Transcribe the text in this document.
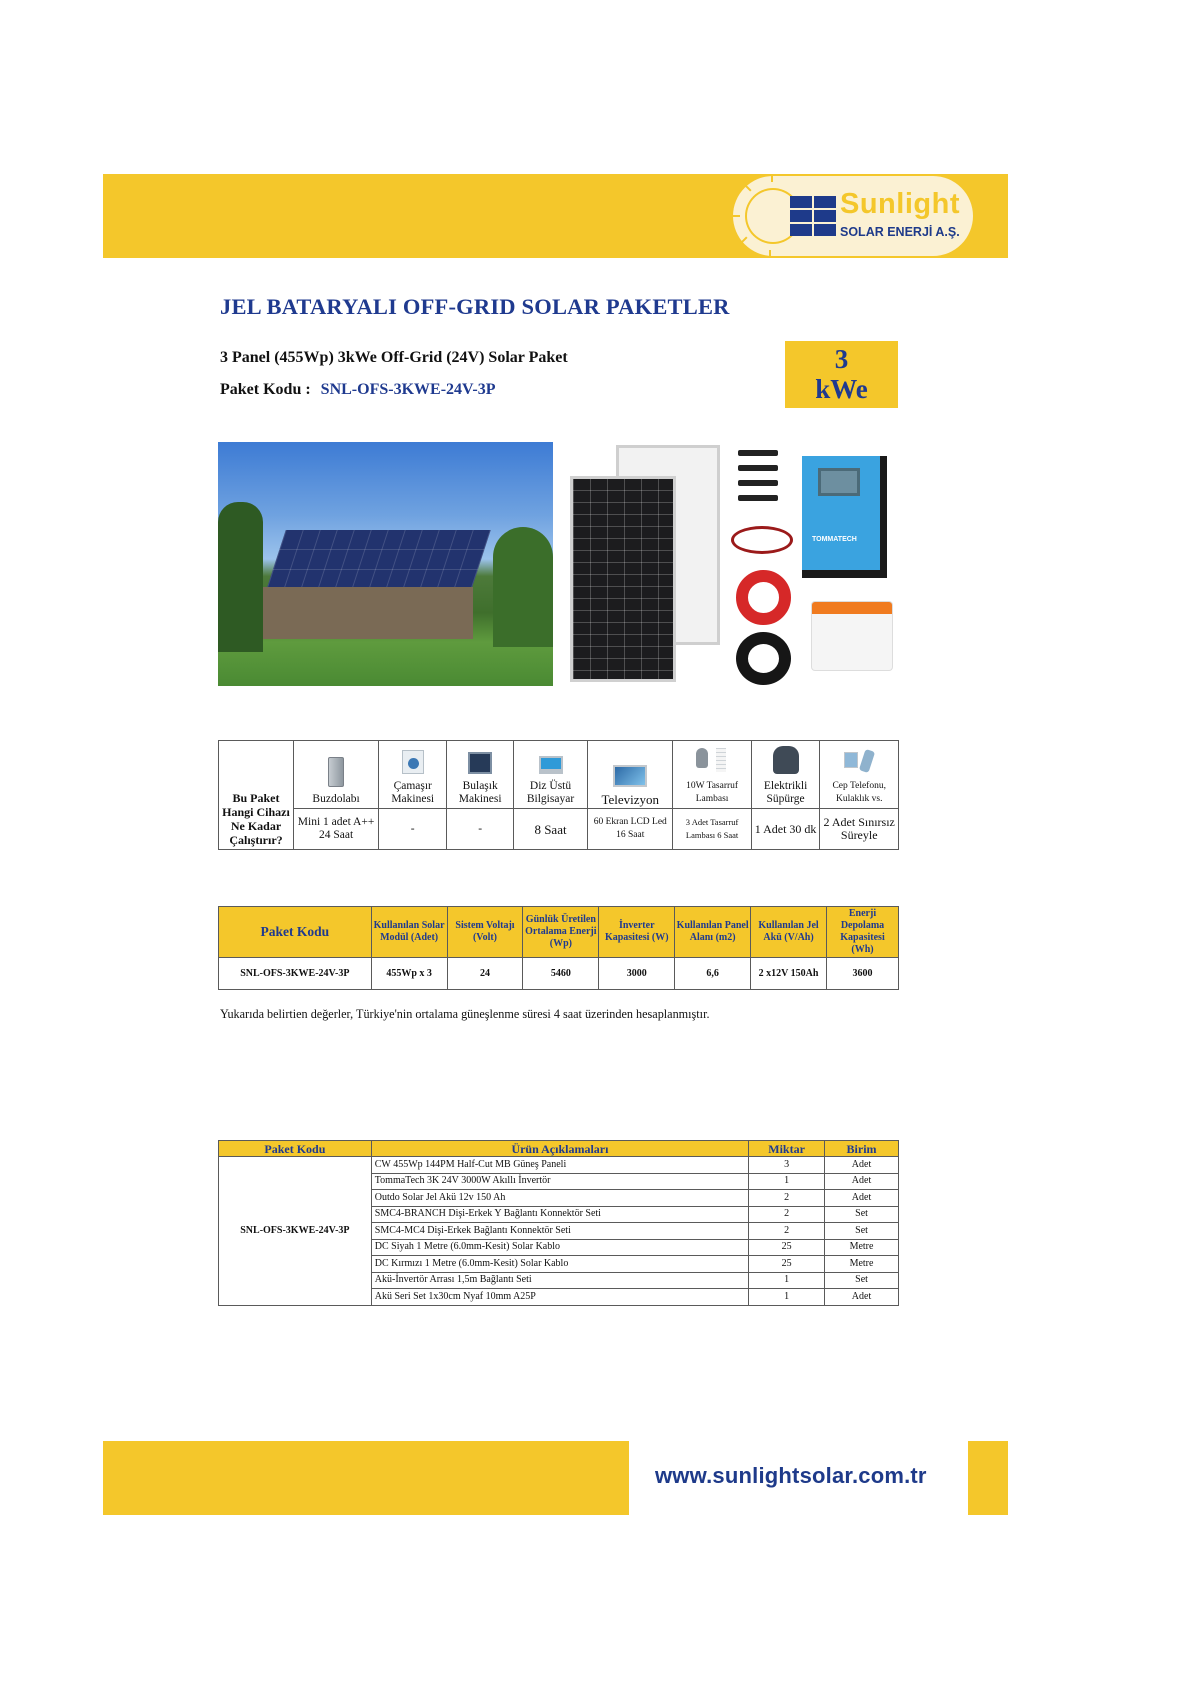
Sunlight
SOLAR ENERJİ A.Ş.
JEL BATARYALI OFF-GRID SOLAR PAKETLER
3 Panel (455Wp) 3kWe Off-Grid (24V) Solar Paket
Paket Kodu : SNL-OFS-3KWE-24V-3P
3
kWe
TOMMATECH
Bu Paket Hangi Cihazı Ne Kadar Çalıştırır?	Buzdolabı	Çamaşır Makinesi	Bulaşık Makinesi	Diz Üstü Bilgisayar	Televizyon	10W Tasarruf Lambası	Elektrikli Süpürge	Cep Telefonu, Kulaklık vs.
	Mini 1 adet A++ 24 Saat	-	-	8 Saat	60 Ekran LCD Led 16 Saat	3 Adet Tasarruf Lambası 6 Saat	1 Adet 30 dk	2 Adet Sınırsız Süreyle
Paket Kodu	Kullanılan Solar Modül (Adet)	Sistem Voltajı (Volt)	Günlük Üretilen Ortalama Enerji (Wp)	İnverter Kapasitesi (W)	Kullanılan Panel Alanı (m2)	Kullanılan Jel Akü (V/Ah)	Enerji Depolama Kapasitesi (Wh)
SNL-OFS-3KWE-24V-3P	455Wp x 3	24	5460	3000	6,6	2 x12V 150Ah	3600
Yukarıda belirtien değerler, Türkiye'nin ortalama güneşlenme süresi 4 saat üzerinden hesaplanmıştır.
Paket Kodu	Ürün Açıklamaları	Miktar	Birim
SNL-OFS-3KWE-24V-3P	CW 455Wp 144PM Half-Cut MB Güneş Paneli	3	Adet
	TommaTech 3K 24V 3000W Akıllı İnvertör	1	Adet
	Outdo Solar Jel Akü 12v 150 Ah	2	Adet
	SMC4-BRANCH Dişi-Erkek Y Bağlantı Konnektör Seti	2	Set
	SMC4-MC4 Dişi-Erkek Bağlantı Konnektör Seti	2	Set
	DC Siyah 1 Metre (6.0mm-Kesit) Solar Kablo	25	Metre
	DC Kırmızı 1 Metre (6.0mm-Kesit) Solar Kablo	25	Metre
	Akü-İnvertör Arrası 1,5m Bağlantı Seti	1	Set
	Akü Seri Set 1x30cm Nyaf 10mm A25P	1	Adet
www.sunlightsolar.com.tr
